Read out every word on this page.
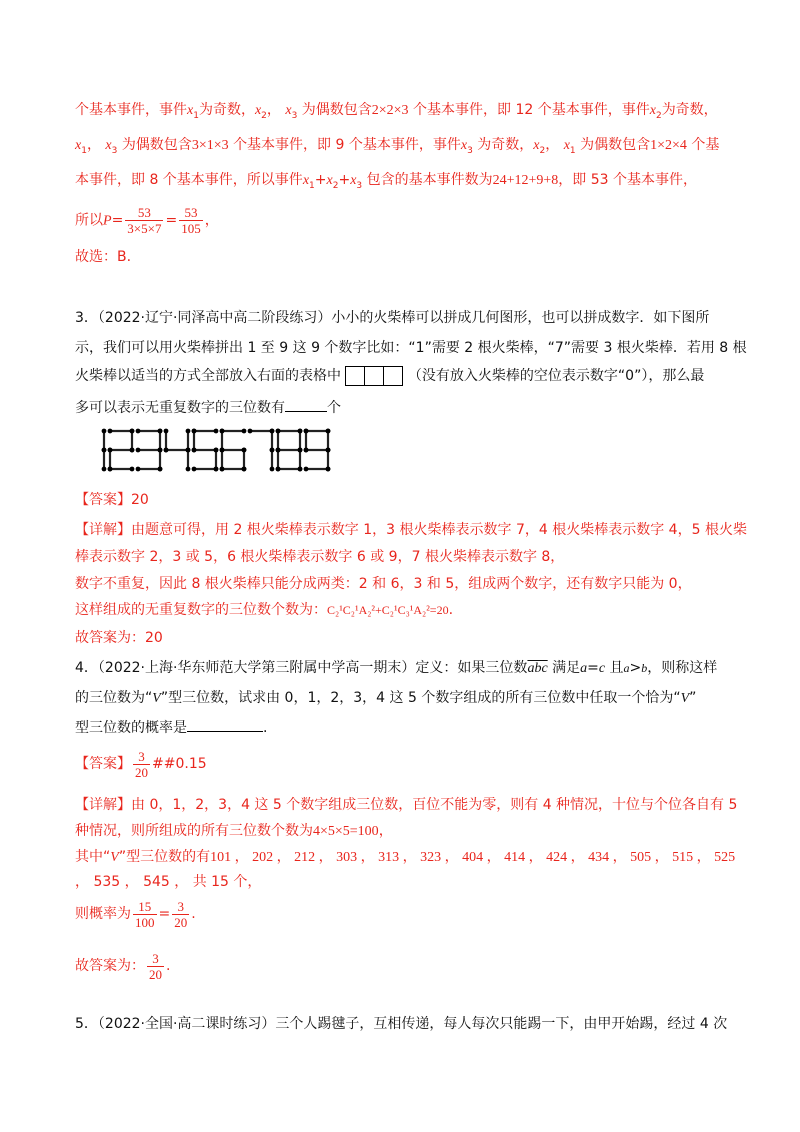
个基本事件，事件$x_1$为奇数，$x_2$， $x_3$ 为偶数包含2×2×3 个基本事件，即 12 个基本事件，事件$x_2$为奇数，
$x_1$， $x_3$ 为偶数包含3×1×3 个基本事件，即 9 个基本事件，事件$x_3$ 为奇数，$x_2$， $x_1$ 为偶数包含1×2×4 个基
本事件，即 8 个基本事件，所以事件$x_1+x_2+x_3$ 包含的基本事件数为24+12+9+8，即 53 个基本事件，
所以$P= \frac{53}{3\times 5\times 7} = \frac{53}{105}$ ，
故选：B.
3．（2022·辽宁·同泽高中高二阶段练习）小小的火柴棒可以拼成几何图形，也可以拼成数字．如下图所
示，我们可以用火柴棒拼出 1 至 9 这 9 个数字比如：“1”需要 2 根火柴棒，“7”需要 3 根火柴棒．若用 8 根
火柴棒以适当的方式全部放入右面的表格中	（没有放入火柴棒的空位表示数字“0”），那么最
多可以表示无重复数字的三位数有	个
【答案】20
【详解】由题意可得，用 2 根火柴棒表示数字 1，3 根火柴棒表示数字 7，4 根火柴棒表示数字 4，5 根火柴
棒表示数字 2，3 或 5，6 根火柴棒表示数字 6 或 9，7 根火柴棒表示数字 8，
数字不重复，因此 8 根火柴棒只能分成两类：2 和 6，3 和 5，组成两个数字，还有数字只能为 0，
这样组成的无重复数字的三位数个数为：C₂¹C₂¹A₂²+C₂¹C₃¹A₂²=20.
故答案为：20
4．（2022·上海·华东师范大学第三附属中学高一期末）定义：如果三位数$\overline{abc}$ 满足a=c 且a>b，则称这样
的三位数为“V”型三位数，试求由 0，1，2，3，4 这 5 个数字组成的所有三位数中任取一个恰为“V”
型三位数的概率是	.
【答案】 $\frac{3}{20}$ ##0.15
【详解】由 0，1，2，3，4 这 5 个数字组成三位数，百位不能为零，则有 4 种情况，十位与个位各自有 5
种情况，则所组成的所有三位数个数为4×5×5=100，
其中“V”型三位数的有101 ， 202 ， 212 ， 303 ， 313 ， 323 ， 404 ， 414 ， 424 ， 434 ， 505 ， 515 ， 525
， 535 ， 545 ， 共 15 个，
则概率为 $\frac{15}{100} = \frac{3}{20}$ .
故答案为： $\frac{3}{20}$ .
5．（2022·全国·高二课时练习）三个人踢毽子，互相传递，每人每次只能踢一下，由甲开始踢，经过 4 次
